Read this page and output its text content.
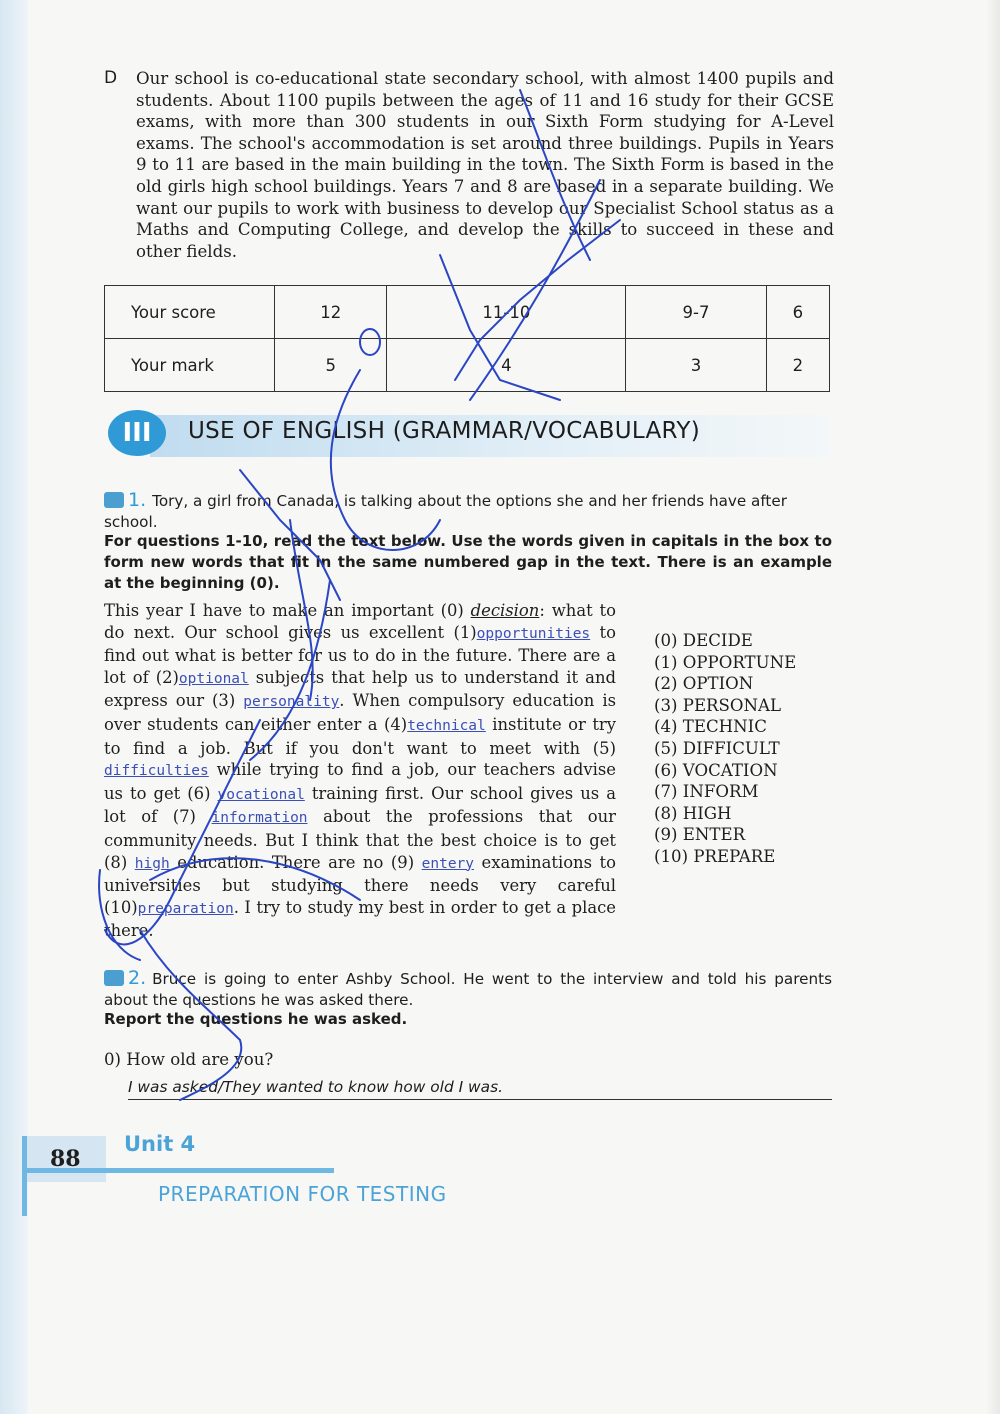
D Our school is co-educational state secondary school, with almost 1400 pupils and students. About 1100 pupils between the ages of 11 and 16 study for their GCSE exams, with more than 300 students in our Sixth Form studying for A-Level exams. The school's accommodation is set around three buildings. Pupils in Years 9 to 11 are based in the main building in the town. The Sixth Form is based in the old girls high school buildings. Years 7 and 8 are based in a separate building. We want our pupils to work with business to develop our Specialist School status as a Maths and Computing College, and develop the skills to succeed in these and other fields.
Your score	12	11-10	9-7	6
Your mark	5	4	3	2
III	USE OF ENGLISH (GRAMMAR/VOCABULARY)
1. Tory, a girl from Canada, is talking about the options she and her friends have after school.
For questions 1-10, read the text below. Use the words given in capitals in the box to form new words that fit in the same numbered gap in the text. There is an example at the beginning (0).
This year I have to make an important (0) decision: what to do next. Our school gives us excellent (1)opportunities to find out what is better for us to do in the future. There are a lot of (2)optional subjects that help us to understand it and express our (3) personality. When compulsory education is over students can either enter a (4)technical institute or try to find a job. But if you don't want to meet with (5) difficulties while trying to find a job, our teachers advise us to get (6) vocational training first. Our school gives us a lot of (7) information about the professions that our community needs. But I think that the best choice is to get (8) high education. There are no (9) entery examinations to universities but studying there needs very careful (10)preparation. I try to study my best in order to get a place there.
(0) DECIDE
(1) OPPORTUNE
(2) OPTION
(3) PERSONAL
(4) TECHNIC
(5) DIFFICULT
(6) VOCATION
(7) INFORM
(8) HIGH
(9) ENTER
(10) PREPARE
2. Bruce is going to enter Ashby School. He went to the interview and told his parents about the questions he was asked there.
Report the questions he was asked.
0) How old are you?
I was asked/They wanted to know how old I was.
88
Unit 4
PREPARATION FOR TESTING
